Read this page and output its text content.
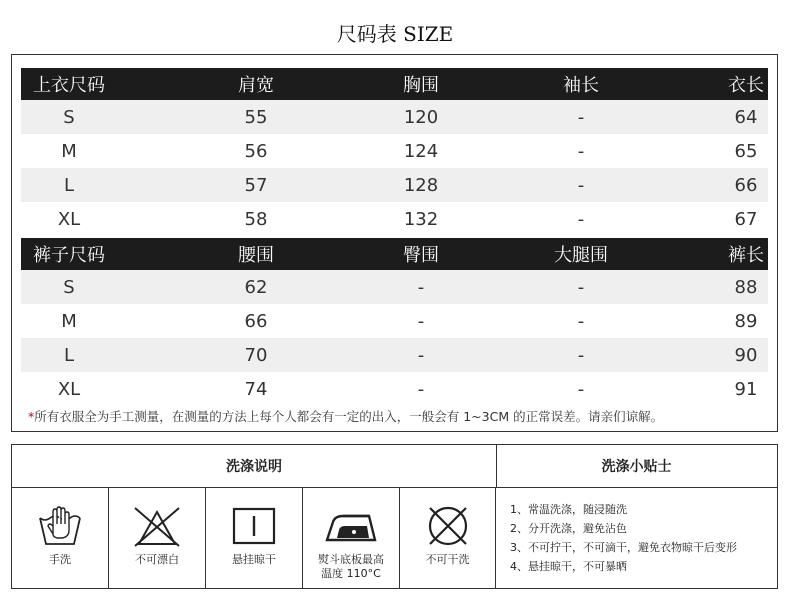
尺码表 SIZE
上衣尺码	肩宽	胸围	袖长	衣长
S	55	120	-	64
M	56	124	-	65
L	57	128	-	66
XL	58	132	-	67
裤子尺码	腰围	臀围	大腿围	裤长
S	62	-	-	88
M	66	-	-	89
L	70	-	-	90
XL	74	-	-	91
*所有衣服全为手工测量，在测量的方法上每个人都会有一定的出入，一般会有 1~3CM 的正常误差。请亲们谅解。
洗涤说明	洗涤小贴士
手洗	不可漂白	悬挂晾干	熨斗底板最高
温度 110°C
不可干洗
1、常温洗涤，随浸随洗
2、分开洗涤，避免沾色
3、不可拧干，不可滴干，避免衣物晾干后变形
4、悬挂晾干，不可暴晒
